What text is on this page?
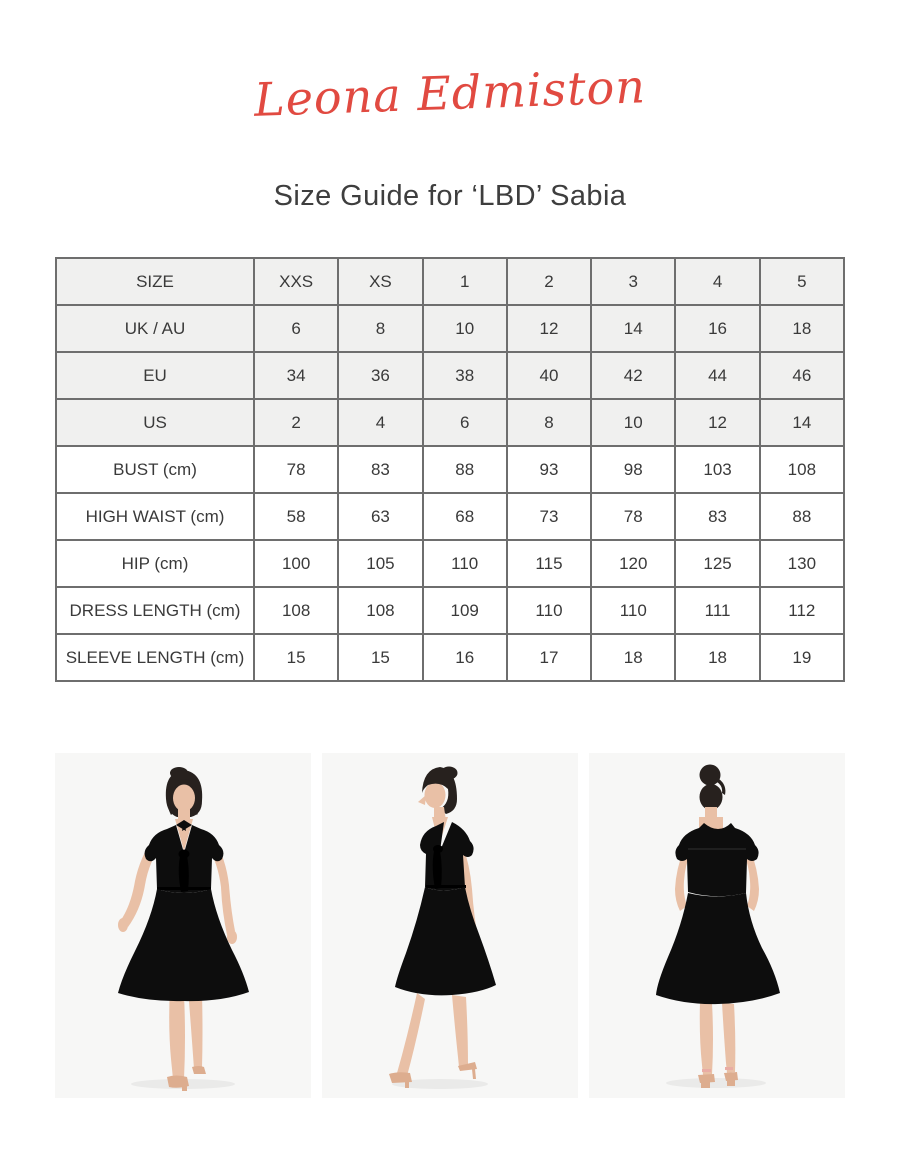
Leona Edmiston
Size Guide for ‘LBD’ Sabia
SIZE	XXS	XS	1	2	3	4	5
UK / AU	6	8	10	12	14	16	18
EU	34	36	38	40	42	44	46
US	2	4	6	8	10	12	14
BUST (cm)	78	83	88	93	98	103	108
HIGH WAIST (cm)	58	63	68	73	78	83	88
HIP (cm)	100	105	110	115	120	125	130
DRESS LENGTH (cm)	108	108	109	110	110	111	112
SLEEVE LENGTH (cm)	15	15	16	17	18	18	19
